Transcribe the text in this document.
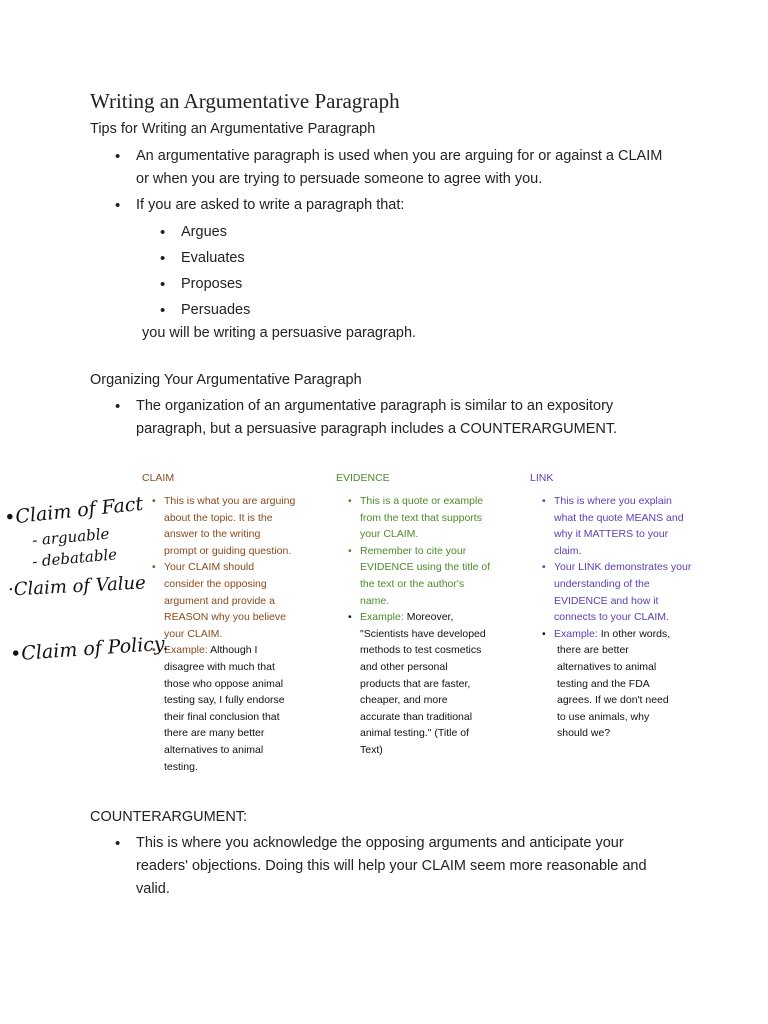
Writing an Argumentative Paragraph
Tips for Writing an Argumentative Paragraph
• An argumentative paragraph is used when you are arguing for or against a CLAIM
or when you are trying to persuade someone to agree with you.
• If you are asked to write a paragraph that:
• Argues
• Evaluates
• Proposes
• Persuades
you will be writing a persuasive paragraph.
Organizing Your Argumentative Paragraph
• The organization of an argumentative paragraph is similar to an expository
paragraph, but a persuasive paragraph includes a COUNTERARGUMENT.
CLAIM
• This is what you are arguing
about the topic. It is the
answer to the writing
prompt or guiding question.
• Your CLAIM should
consider the opposing
argument and provide a
REASON why you believe
your CLAIM.
• Example: Although I
disagree with much that
those who oppose animal
testing say, I fully endorse
their final conclusion that
there are many better
alternatives to animal
testing.
EVIDENCE
• This is a quote or example
from the text that supports
your CLAIM.
• Remember to cite your
EVIDENCE using the title of
the text or the author's
name.
• Example: Moreover,
"Scientists have developed
methods to test cosmetics
and other personal
products that are faster,
cheaper, and more
accurate than traditional
animal testing." (Title of
Text)
LINK
• This is where you explain
what the quote MEANS and
why it MATTERS to your
claim.
• Your LINK demonstrates your
understanding of the
EVIDENCE and how it
connects to your CLAIM.
• Example: In other words,
there are better
alternatives to animal
testing and the FDA
agrees. If we don't need
to use animals, why
should we?
•Claim of Fact
- arguable
- debatable
·Claim of Value
•Claim of Policy.
COUNTERARGUMENT:
• This is where you acknowledge the opposing arguments and anticipate your
readers' objections. Doing this will help your CLAIM seem more reasonable and
valid.
